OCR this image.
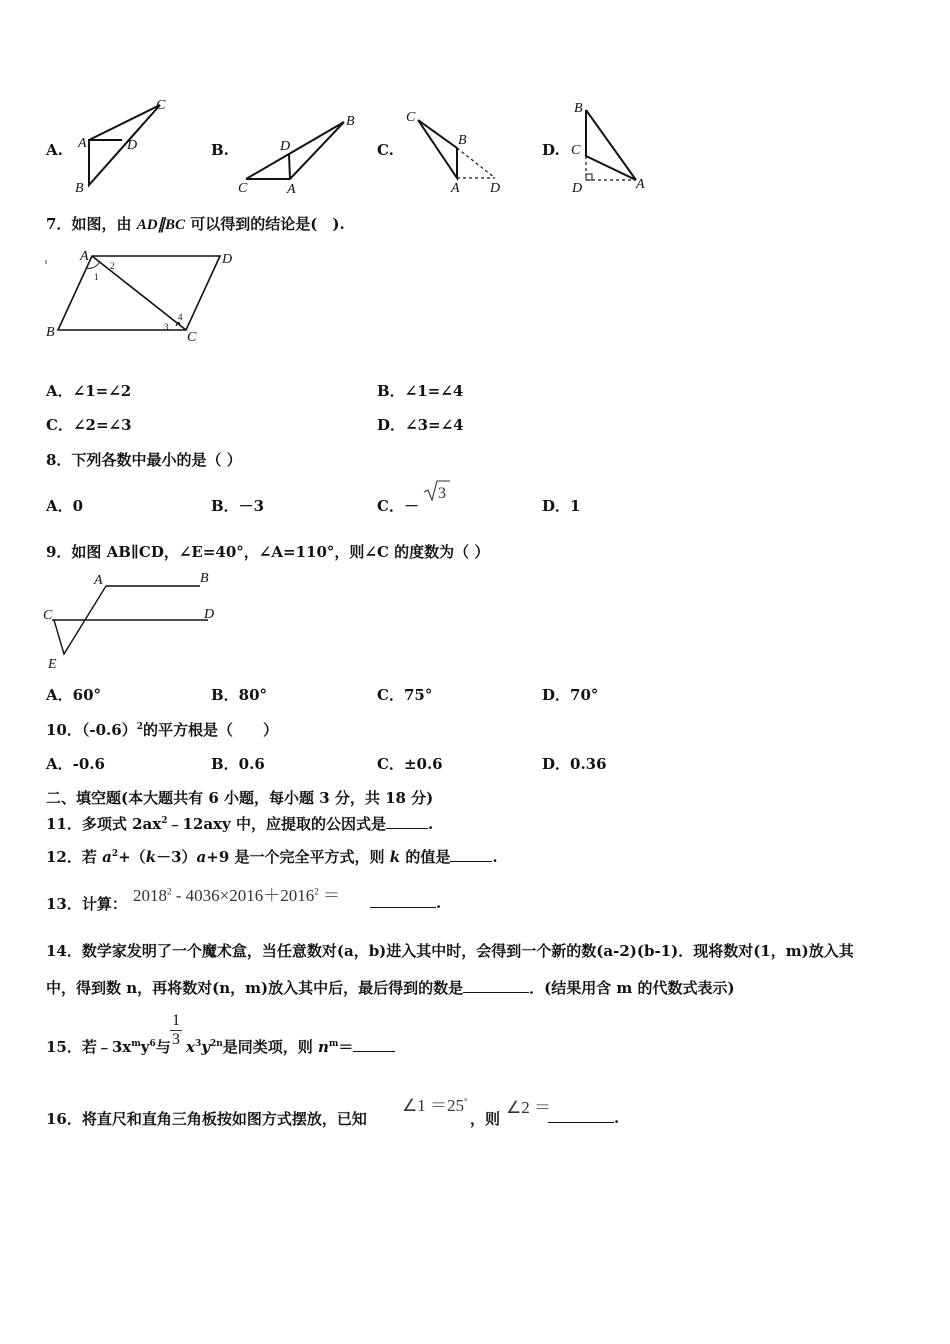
A.	B.	C.	D.
A
B
C
D	D
B
C	A
C
B
A D
B
C
D	A
7．如图，由 AD∥BC 可以得到的结论是(　).
A	D
B	C
1
2
3
4
A．∠1=∠2	B．∠1=∠4
C．∠2=∠3	D．∠3=∠4
8．下列各数中最小的是（ ）
A．0	B．－3	C．－
3
D．1
9．如图 AB∥CD，∠E=40°，∠A=110°，则∠C 的度数为（ ）
A	B
C	D
E
A．60°	B．80°	C．75°	D．70°
10．$(-0.6)^2$的平方根是（　　）
A．-0.6	B．0.6	C．±0.6	D．0.36
二、填空题(本大题共有 6 小题，每小题 3 分，共 18 分)
11．多项式 $2ax^2﹣12axy$ 中，应提取的公因式是	.
12．若 $a^2+(k-3)a+9$ 是一个完全平方式，则 k 的值是	.
13．计算： $2018^2 - 4036\times 2016+2016^2$ ＝	.
14．数学家发明了一个魔术盒，当任意数对(a，b)进入其中时，会得到一个新的数(a-2)(b-1)．现将数对(1，m)放入其
中，得到数 n，再将数对(n，m)放入其中后，最后得到的数是	．(结果用含 m 的代数式表示)
15．若$﹣3x^my^6$与
1
3 $x^3y^{2n}$是同类项，则 $n^m=$
16．将直尺和直角三角板按如图方式摆放，已知
∠1 ＝25°
，则
∠2 ＝
.
